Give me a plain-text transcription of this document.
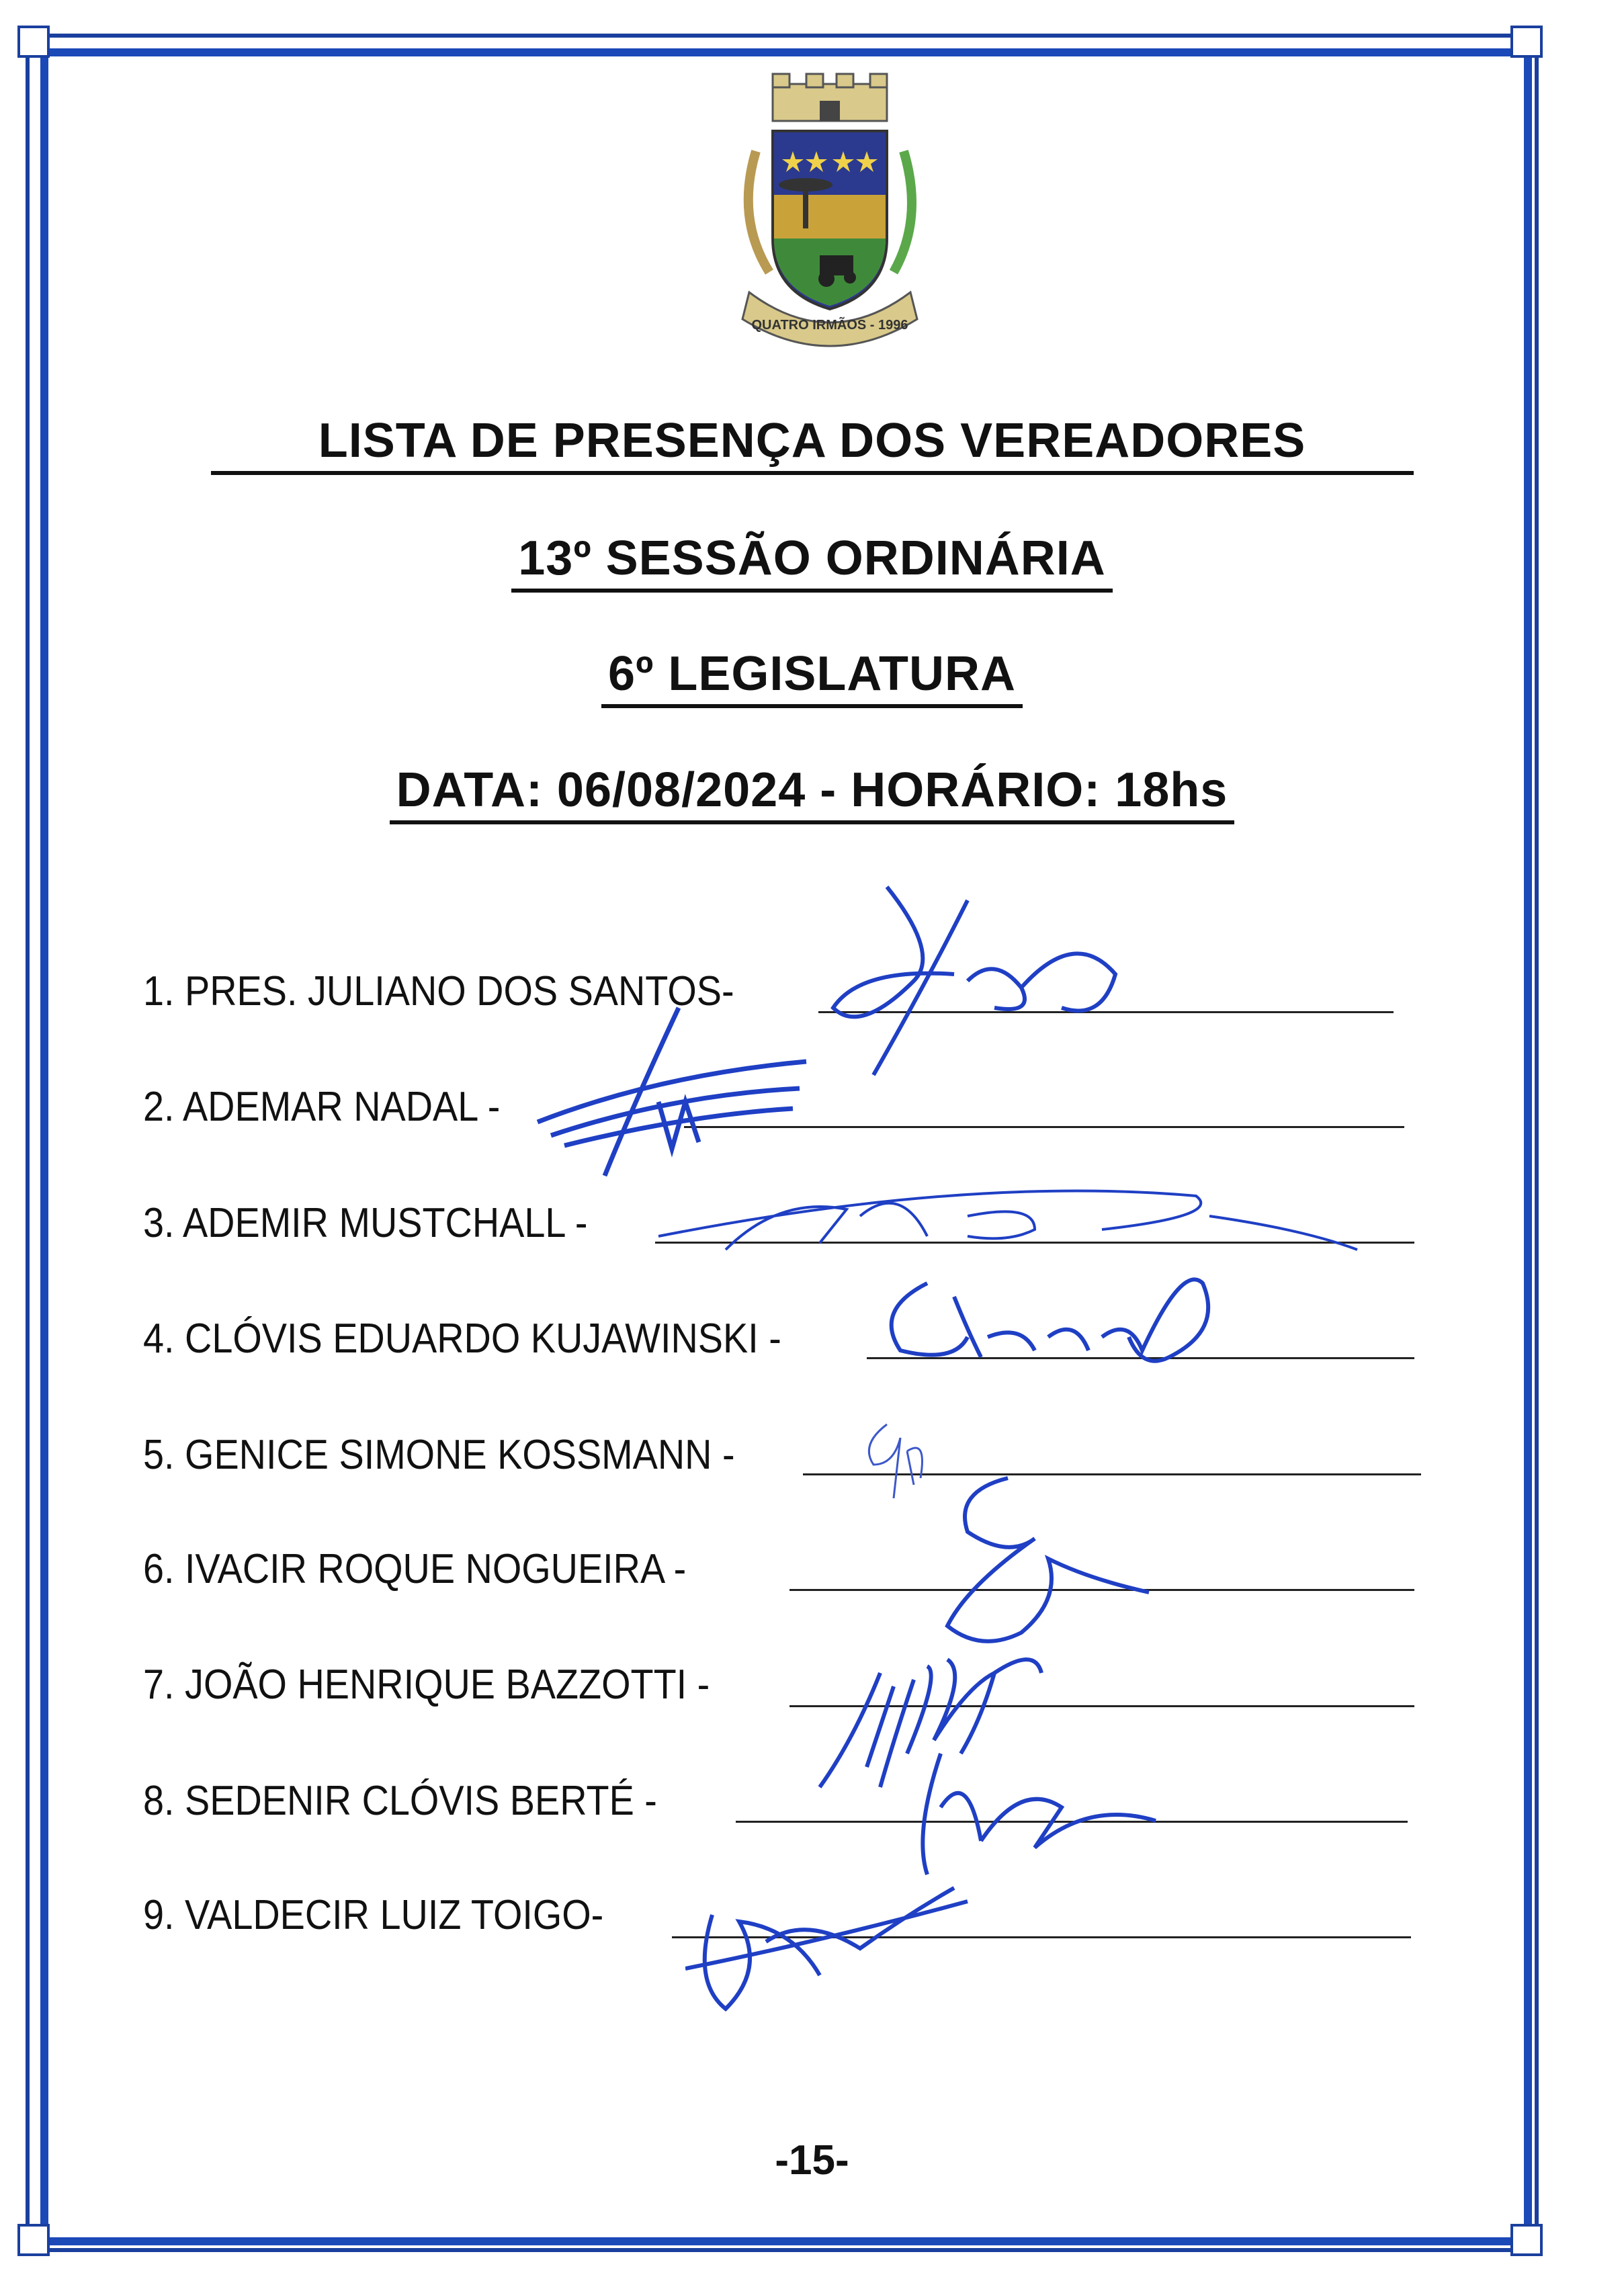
QUATRO IRMÃOS - 1996
LISTA DE PRESENÇA DOS VEREADORES
13º SESSÃO ORDINÁRIA
6º LEGISLATURA
DATA: 06/08/2024 - HORÁRIO: 18hs
1. PRES. JULIANO DOS SANTOS-
2. ADEMAR NADAL -
3. ADEMIR MUSTCHALL -
4. CLÓVIS EDUARDO KUJAWINSKI -
5. GENICE SIMONE KOSSMANN -
6. IVACIR ROQUE NOGUEIRA -
7. JOÃO HENRIQUE BAZZOTTI -
8. SEDENIR CLÓVIS BERTÉ -
9. VALDECIR LUIZ TOIGO-
-15-
